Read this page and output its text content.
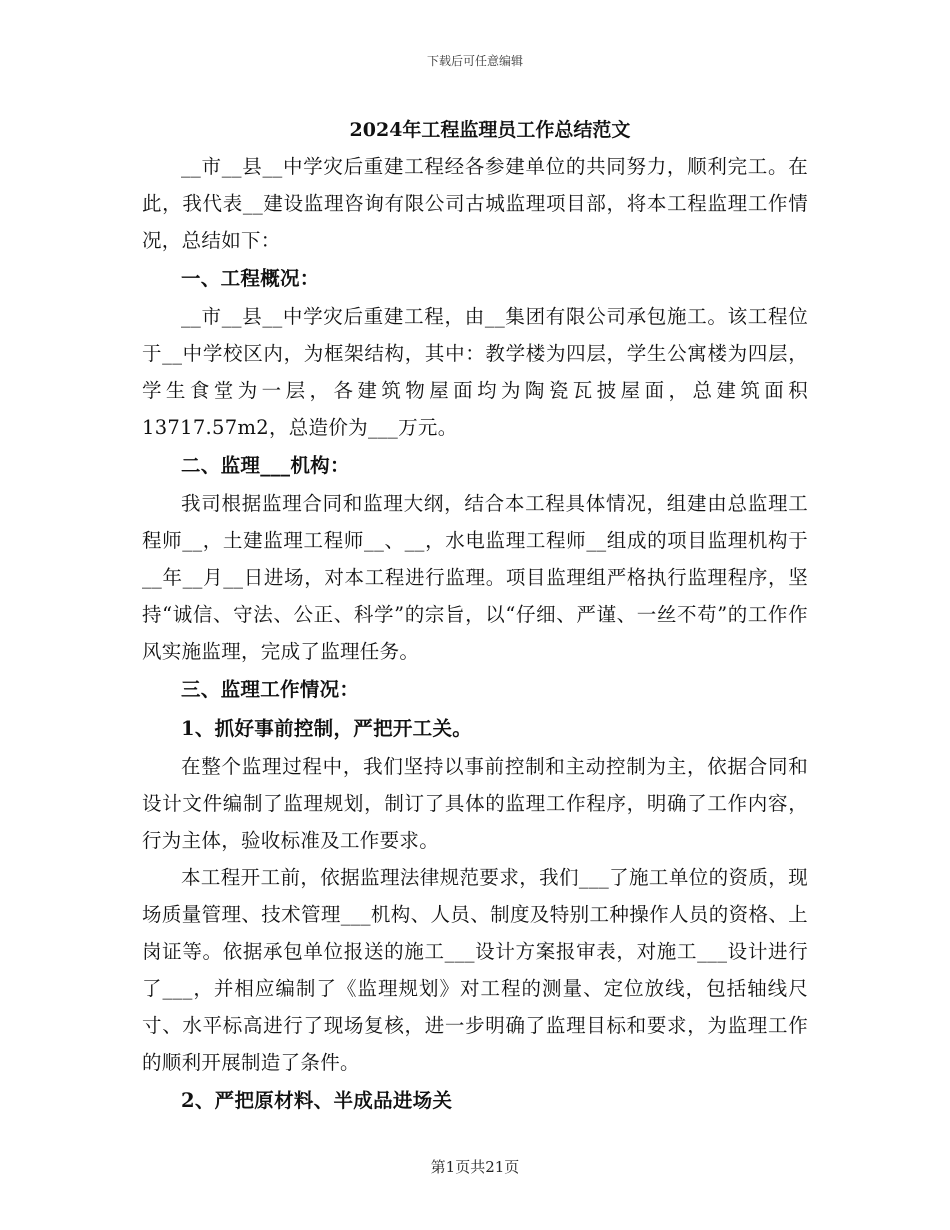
下载后可任意编辑
2024年工程监理员工作总结范文

__市__县__中学灾后重建工程经各参建单位的共同努力，顺利完工。在此，我代表__建设监理咨询有限公司古城监理项目部，将本工程监理工作情况，总结如下：

一、工程概况：

__市__县__中学灾后重建工程，由__集团有限公司承包施工。该工程位于__中学校区内，为框架结构，其中：教学楼为四层，学生公寓楼为四层，学生食堂为一层，各建筑物屋面均为陶瓷瓦披屋面，总建筑面积13717.57m2，总造价为___万元。

二、监理___机构：

我司根据监理合同和监理大纲，结合本工程具体情况，组建由总监理工程师__，土建监理工程师__、__，水电监理工程师__组成的项目监理机构于__年__月__日进场，对本工程进行监理。项目监理组严格执行监理程序，坚持“诚信、守法、公正、科学”的宗旨，以“仔细、严谨、一丝不苟”的工作作风实施监理，完成了监理任务。

三、监理工作情况：

1、抓好事前控制，严把开工关。

在整个监理过程中，我们坚持以事前控制和主动控制为主，依据合同和设计文件编制了监理规划，制订了具体的监理工作程序，明确了工作内容，行为主体，验收标准及工作要求。

本工程开工前，依据监理法律规范要求，我们___了施工单位的资质，现场质量管理、技术管理___机构、人员、制度及特别工种操作人员的资格、上岗证等。依据承包单位报送的施工___设计方案报审表，对施工___设计进行了___，并相应编制了《监理规划》对工程的测量、定位放线，包括轴线尺寸、水平标高进行了现场复核，进一步明确了监理目标和要求，为监理工作的顺利开展制造了条件。

2、严把原材料、半成品进场关

第1页共21页
